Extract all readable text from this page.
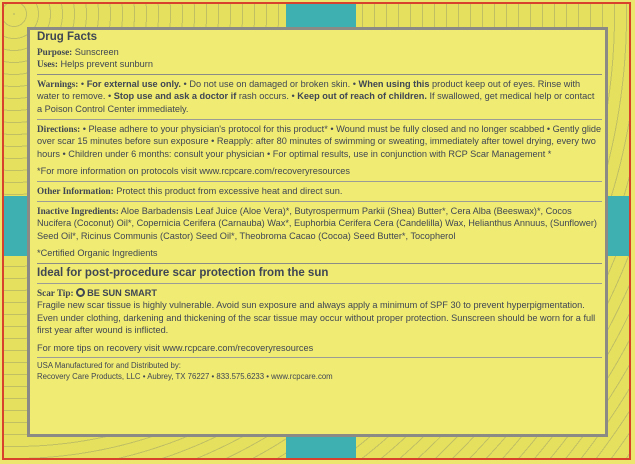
Drug Facts

Purpose: Sunscreen

Uses: Helps prevent sunburn

Warnings: • For external use only. • Do not use on damaged or broken skin. • When using this product keep out of eyes. Rinse with water to remove. • Stop use and ask a doctor if rash occurs. • Keep out of reach of children. If swallowed, get medical help or contact a Poison Control Center immediately.

Directions: • Please adhere to your physician's protocol for this product* • Wound must be fully closed and no longer scabbed • Gently glide over scar 15 minutes before sun exposure • Reapply: after 80 minutes of swimming or sweating, immediately after towel drying, every two hours • Children under 6 months: consult your physician • For optimal results, use in conjunction with RCP Scar Management *

*For more information on protocols visit www.rcpcare.com/recoveryresources

Other Information: Protect this product from excessive heat and direct sun.

Inactive Ingredients: Aloe Barbadensis Leaf Juice (Aloe Vera)*, Butyrospermum Parkii (Shea) Butter*, Cera Alba (Beeswax)*, Cocos Nucifera (Coconut) Oil*, Copernicia Cerifera (Carnauba) Wax*, Euphorbia Cerifera Cera (Candelilla) Wax, Helianthus Annuus, (Sunflower) Seed Oil*, Ricinus Communis (Castor) Seed Oil*, Theobroma Cacao (Cocoa) Seed Butter*, Tocopherol

*Certified Organic Ingredients

Ideal for post-procedure scar protection from the sun

Scar Tip: BE SUN SMART

Fragile new scar tissue is highly vulnerable. Avoid sun exposure and always apply a minimum of SPF 30 to prevent hyperpigmentation. Even under clothing, darkening and thickening of the scar tissue may occur without proper protection. Sunscreen should be worn for a full first year after wound is inflicted.

For more tips on recovery visit www.rcpcare.com/recoveryresources

USA Manufactured for and Distributed by:

Recovery Care Products, LLC • Aubrey, TX 76227 • 833.575.6233 • www.rcpcare.com
